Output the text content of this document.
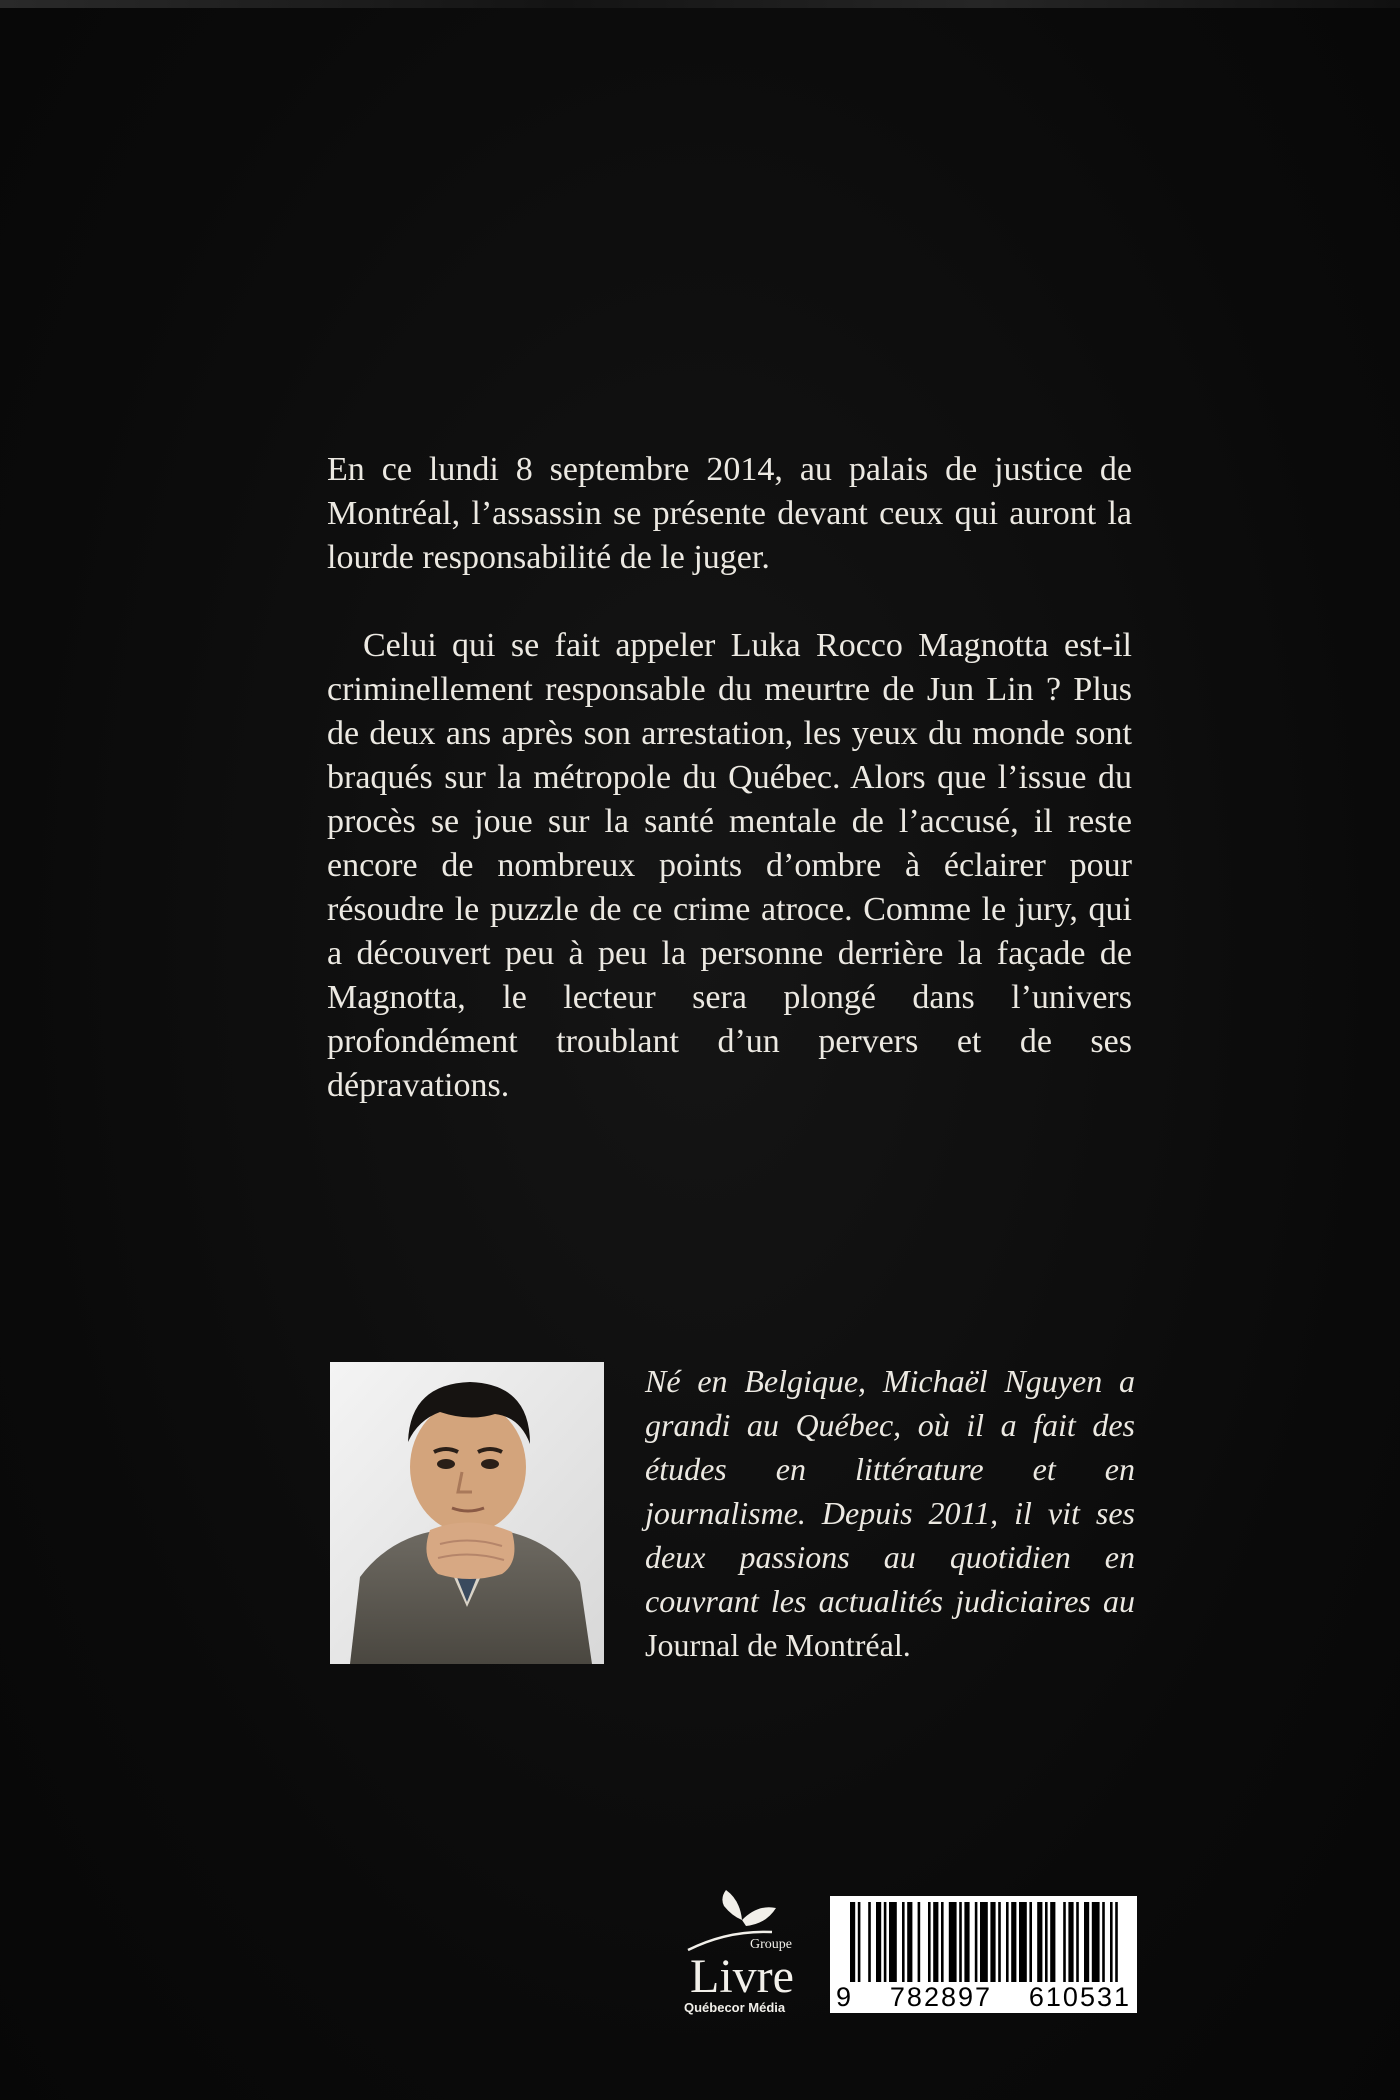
En ce lundi 8 septembre 2014, au palais de justice de Montréal, l’assassin se présente devant ceux qui auront la lourde responsabilité de le juger.

Celui qui se fait appeler Luka Rocco Magnotta est-il criminellement responsable du meurtre de Jun Lin ? Plus de deux ans après son arrestation, les yeux du monde sont braqués sur la métropole du Québec. Alors que l’issue du procès se joue sur la santé mentale de l’accusé, il reste encore de nombreux points d’ombre à éclairer pour résoudre le puzzle de ce crime atroce. Comme le jury, qui a découvert peu à peu la personne derrière la façade de Magnotta, le lecteur sera plongé dans l’univers profondément troublant d’un pervers et de ses dépravations.

Né en Belgique, Michaël Nguyen a grandi au Québec, où il a fait des études en littérature et en journalisme. Depuis 2011, il vit ses deux passions au quotidien en couvrant les actualités judiciaires au Journal de Montréal.
Groupe
Livre
Québecor Média 9 782897 610531
